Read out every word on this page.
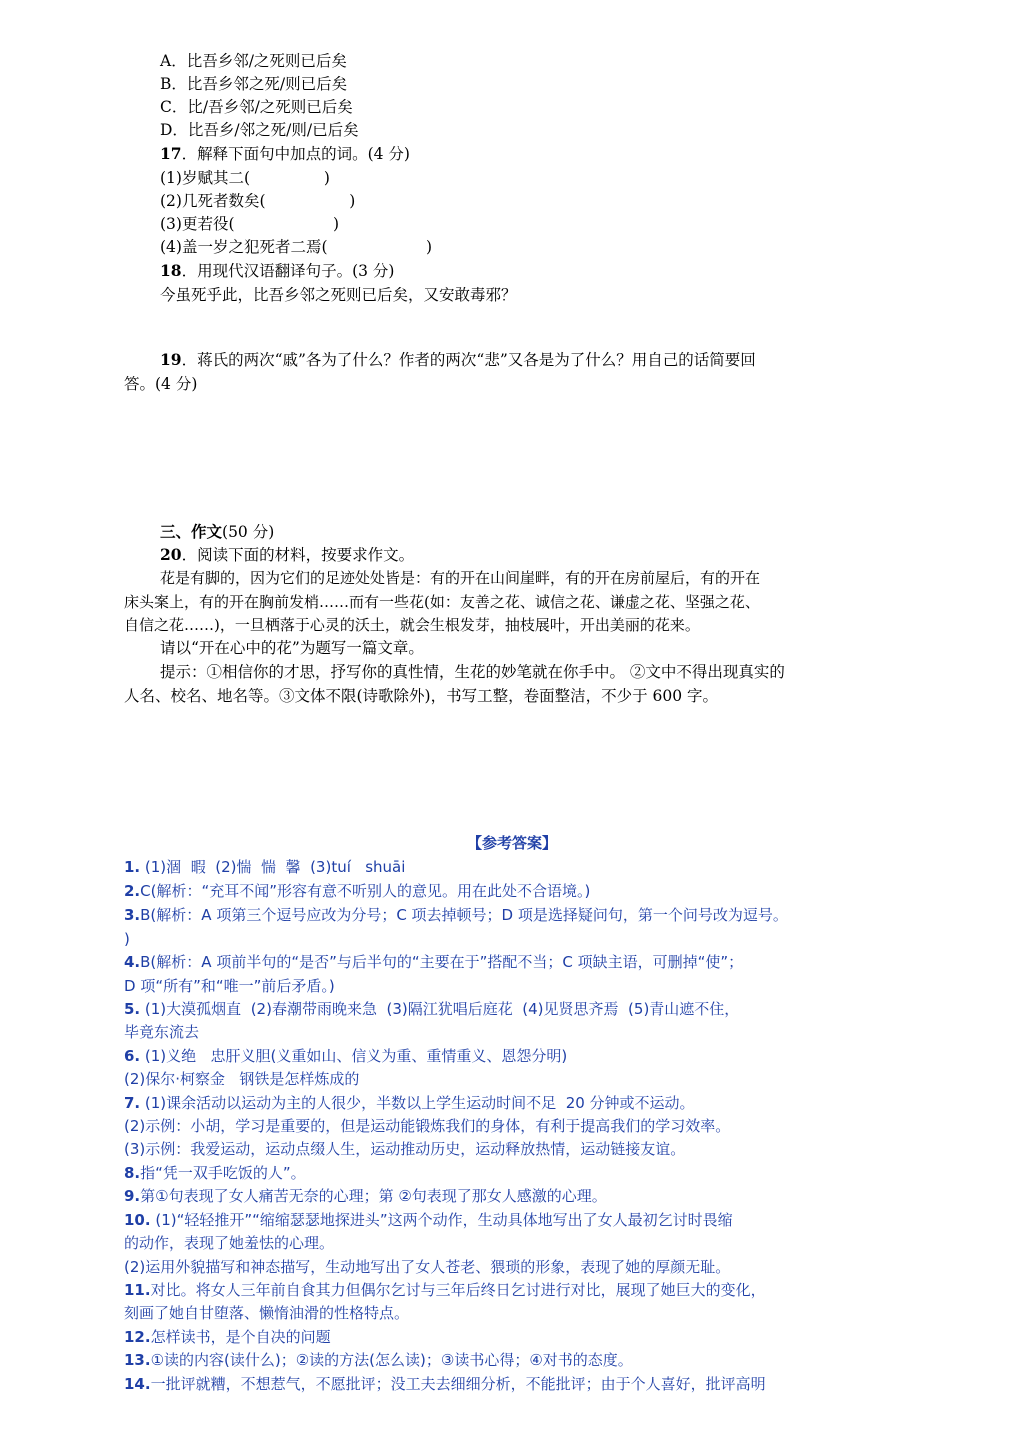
A．比吾乡邻/之死则已后矣
B．比吾乡邻之死/则已后矣
C．比/吾乡邻/之死则已后矣
D．比吾乡/邻之死/则/已后矣
17．解释下面句中加点的词。(4 分)
(1)岁赋其二(               )
(2)几死者数矣(                 )
(3)更若役(                    )
(4)盖一岁之犯死者二焉(                    )
18．用现代汉语翻译句子。(3 分)
今虽死乎此，比吾乡邻之死则已后矣，又安敢毒邪？
19．蒋氏的两次“戚”各为了什么？作者的两次“悲”又各是为了什么？用自己的话简要回
答。(4 分)
三、作文(50 分)
20．阅读下面的材料，按要求作文。
花是有脚的，因为它们的足迹处处皆是：有的开在山间崖畔，有的开在房前屋后，有的开在
床头案上，有的开在胸前发梢……而有一些花(如：友善之花、诚信之花、谦虚之花、坚强之花、
自信之花……)，一旦栖落于心灵的沃土，就会生根发芽，抽枝展叶，开出美丽的花来。
请以“开在心中的花”为题写一篇文章。
提示：①相信你的才思，抒写你的真性情，生花的妙笔就在你手中。 ②文中不得出现真实的
人名、校名、地名等。③文体不限(诗歌除外)，书写工整，卷面整洁，不少于 600 字。
【参考答案】
1. (1)涸  暇  (2)惴  惴  馨  (3)tuí   shuāi
2.C(解析：“充耳不闻”形容有意不听别人的意见。用在此处不合语境。)
3.B(解析：A 项第三个逗号应改为分号；C 项去掉顿号；D 项是选择疑问句，第一个问号改为逗号。
)
4.B(解析：A 项前半句的“是否”与后半句的“主要在于”搭配不当；C 项缺主语，可删掉“使”；
D 项“所有”和“唯一”前后矛盾。)
5. (1)大漠孤烟直  (2)春潮带雨晚来急  (3)隔江犹唱后庭花  (4)见贤思齐焉  (5)青山遮不住，
毕竟东流去
6. (1)义绝   忠肝义胆(义重如山、信义为重、重情重义、恩怨分明)
(2)保尔·柯察金   钢铁是怎样炼成的
7. (1)课余活动以运动为主的人很少，半数以上学生运动时间不足  20 分钟或不运动。
(2)示例：小胡，学习是重要的，但是运动能锻炼我们的身体，有利于提高我们的学习效率。
(3)示例：我爱运动，运动点缀人生，运动推动历史，运动释放热情，运动链接友谊。
8.指“凭一双手吃饭的人”。
9.第①句表现了女人痛苦无奈的心理；第 ②句表现了那女人感激的心理。
10. (1)“轻轻推开”“缩缩瑟瑟地探进头”这两个动作，生动具体地写出了女人最初乞讨时畏缩
的动作，表现了她羞怯的心理。
(2)运用外貌描写和神态描写，生动地写出了女人苍老、猥琐的形象，表现了她的厚颜无耻。
11.对比。将女人三年前自食其力但偶尔乞讨与三年后终日乞讨进行对比，展现了她巨大的变化，
刻画了她自甘堕落、懒惰油滑的性格特点。
12.怎样读书，是个自决的问题
13.①读的内容(读什么)；②读的方法(怎么读)；③读书心得；④对书的态度。
14.一批评就糟，不想惹气，不愿批评；没工夫去细细分析，不能批评；由于个人喜好，批评高明
